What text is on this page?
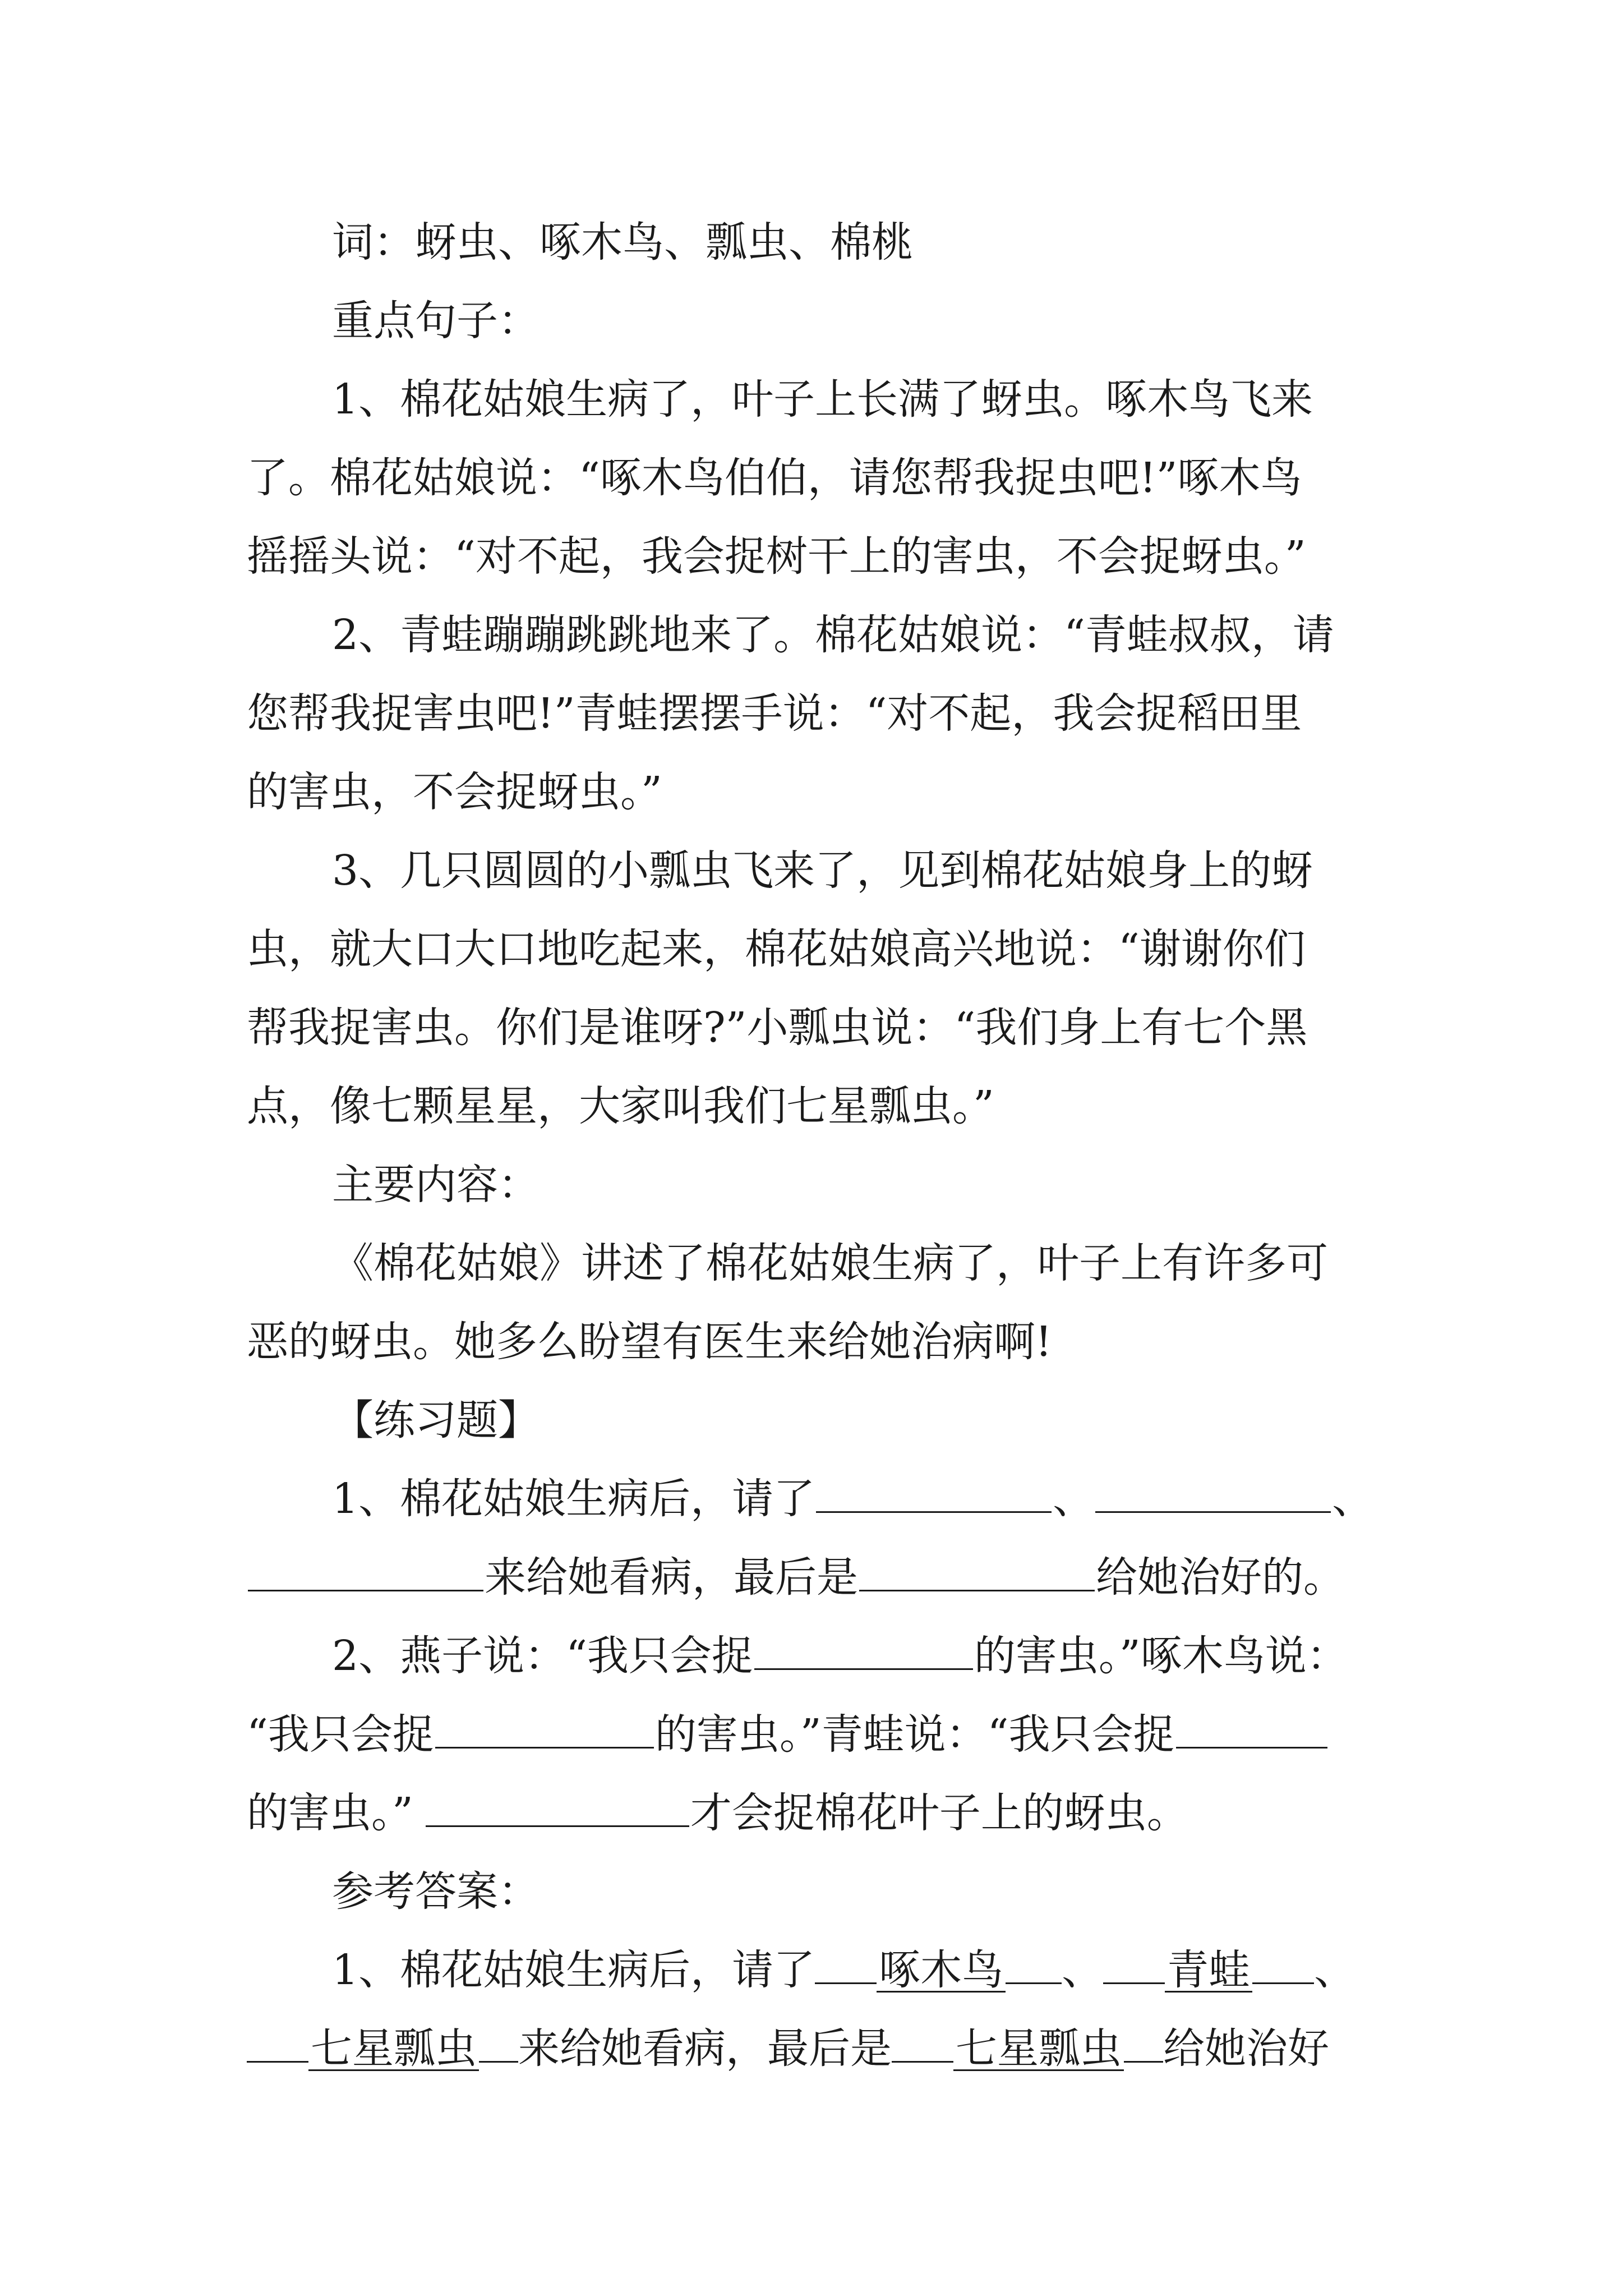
词：蚜虫、啄木鸟、瓢虫、棉桃
重点句子：
1、棉花姑娘生病了，叶子上长满了蚜虫。啄木鸟飞来
了。棉花姑娘说：“啄木鸟伯伯，请您帮我捉虫吧!”啄木鸟
摇摇头说：“对不起，我会捉树干上的害虫，不会捉蚜虫。”
2、青蛙蹦蹦跳跳地来了。棉花姑娘说：“青蛙叔叔，请
您帮我捉害虫吧!”青蛙摆摆手说：“对不起，我会捉稻田里
的害虫，不会捉蚜虫。”
3、几只圆圆的小瓢虫飞来了，见到棉花姑娘身上的蚜
虫，就大口大口地吃起来，棉花姑娘高兴地说：“谢谢你们
帮我捉害虫。你们是谁呀?”小瓢虫说：“我们身上有七个黑
点，像七颗星星，大家叫我们七星瓢虫。”
主要内容：
《棉花姑娘》讲述了棉花姑娘生病了，叶子上有许多可
恶的蚜虫。她多么盼望有医生来给她治病啊!
【练习题】
1、棉花姑娘生病后，请了	、	、
来给她看病，最后是	给她治好的。
2、燕子说：“我只会捉	的害虫。”啄木鸟说：
“我只会捉	的害虫。”青蛙说：“我只会捉
的害虫。”	才会捉棉花叶子上的蚜虫。
参考答案：
1、棉花姑娘生病后，请了 啄木鸟 、 青蛙 、
七星瓢虫 来给她看病，最后是 七星瓢虫 给她治好
